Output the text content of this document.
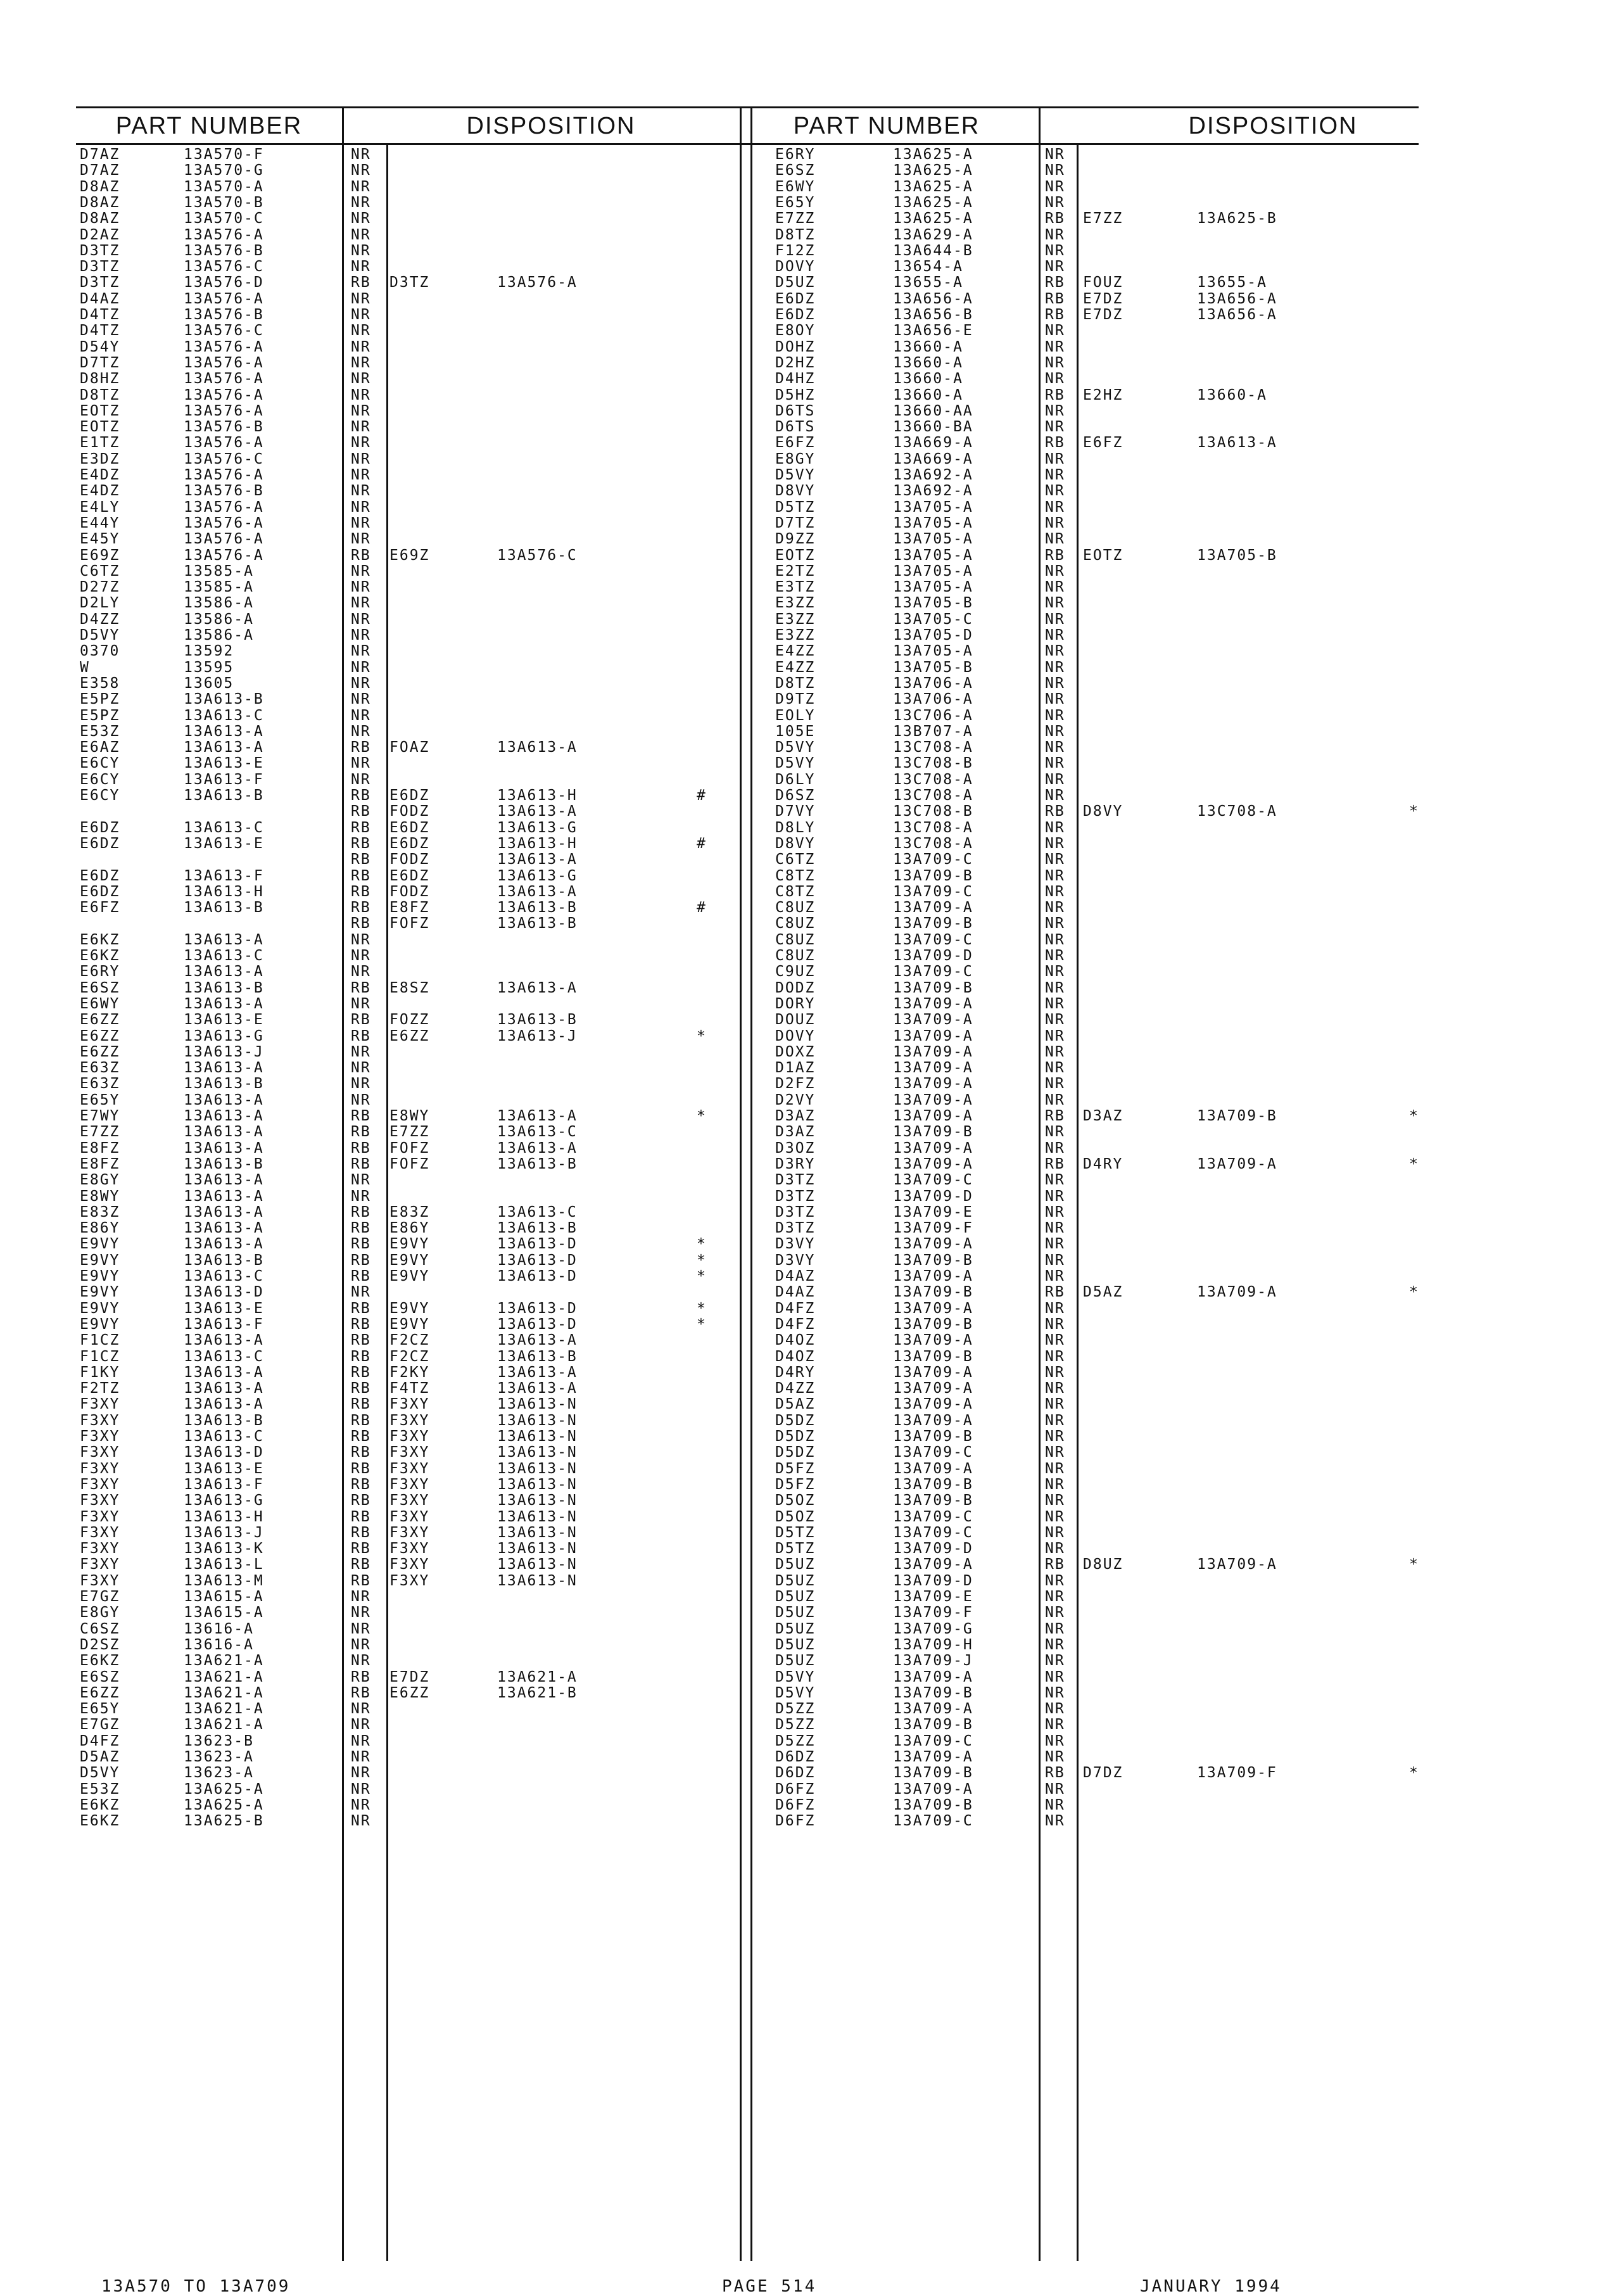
PART NUMBER	DISPOSITION	PART NUMBER	DISPOSITION
D7AZ	13A570-F	NR
D7AZ	13A570-G	NR
D8AZ	13A570-A	NR
D8AZ	13A570-B	NR
D8AZ	13A570-C	NR
D2AZ	13A576-A	NR
D3TZ	13A576-B	NR
D3TZ	13A576-C	NR
D3TZ	13A576-D	RB D3TZ	13A576-A
D4AZ	13A576-A	NR
D4TZ	13A576-B	NR
D4TZ	13A576-C	NR
D54Y	13A576-A	NR
D7TZ	13A576-A	NR
D8HZ	13A576-A	NR
D8TZ	13A576-A	NR
EOTZ	13A576-A	NR
EOTZ	13A576-B	NR
E1TZ	13A576-A	NR
E3DZ	13A576-C	NR
E4DZ	13A576-A	NR
E4DZ	13A576-B	NR
E4LY	13A576-A	NR
E44Y	13A576-A	NR
E45Y	13A576-A	NR
E69Z	13A576-A	RB E69Z	13A576-C
C6TZ	13585-A	NR
D27Z	13585-A	NR
D2LY	13586-A	NR
D4ZZ	13586-A	NR
D5VY	13586-A	NR
0370	13592	NR
W	13595	NR
E358	13605	NR
E5PZ	13A613-B	NR
E5PZ	13A613-C	NR
E53Z	13A613-A	NR
E6AZ	13A613-A	RB FOAZ	13A613-A
E6CY	13A613-E	NR
E6CY	13A613-F	NR
E6CY	13A613-B	RB E6DZ	13A613-H	#
RB FODZ	13A613-A
E6DZ	13A613-C	RB E6DZ	13A613-G
E6DZ	13A613-E	RB E6DZ	13A613-H	#
RB FODZ	13A613-A
E6DZ	13A613-F	RB E6DZ	13A613-G
E6DZ	13A613-H	RB FODZ	13A613-A
E6FZ	13A613-B	RB E8FZ	13A613-B	#
RB FOFZ	13A613-B
E6KZ	13A613-A	NR
E6KZ	13A613-C	NR
E6RY	13A613-A	NR
E6SZ	13A613-B	RB E8SZ	13A613-A
E6WY	13A613-A	NR
E6ZZ	13A613-E	RB FOZZ	13A613-B
E6ZZ	13A613-G	RB E6ZZ	13A613-J	*
E6ZZ	13A613-J	NR
E63Z	13A613-A	NR
E63Z	13A613-B	NR
E65Y	13A613-A	NR
E7WY	13A613-A	RB E8WY	13A613-A	*
E7ZZ	13A613-A	RB E7ZZ	13A613-C
E8FZ	13A613-A	RB FOFZ	13A613-A
E8FZ	13A613-B	RB FOFZ	13A613-B
E8GY	13A613-A	NR
E8WY	13A613-A	NR
E83Z	13A613-A	RB E83Z	13A613-C
E86Y	13A613-A	RB E86Y	13A613-B
E9VY	13A613-A	RB E9VY	13A613-D	*
E9VY	13A613-B	RB E9VY	13A613-D	*
E9VY	13A613-C	RB E9VY	13A613-D	*
E9VY	13A613-D	NR
E9VY	13A613-E	RB E9VY	13A613-D	*
E9VY	13A613-F	RB E9VY	13A613-D	*
F1CZ	13A613-A	RB F2CZ	13A613-A
F1CZ	13A613-C	RB F2CZ	13A613-B
F1KY	13A613-A	RB F2KY	13A613-A
F2TZ	13A613-A	RB F4TZ	13A613-A
F3XY	13A613-A	RB F3XY	13A613-N
F3XY	13A613-B	RB F3XY	13A613-N
F3XY	13A613-C	RB F3XY	13A613-N
F3XY	13A613-D	RB F3XY	13A613-N
F3XY	13A613-E	RB F3XY	13A613-N
F3XY	13A613-F	RB F3XY	13A613-N
F3XY	13A613-G	RB F3XY	13A613-N
F3XY	13A613-H	RB F3XY	13A613-N
F3XY	13A613-J	RB F3XY	13A613-N
F3XY	13A613-K	RB F3XY	13A613-N
F3XY	13A613-L	RB F3XY	13A613-N
F3XY	13A613-M	RB F3XY	13A613-N
E7GZ	13A615-A	NR
E8GY	13A615-A	NR
C6SZ	13616-A	NR
D2SZ	13616-A	NR
E6KZ	13A621-A	NR
E6SZ	13A621-A	RB E7DZ	13A621-A
E6ZZ	13A621-A	RB E6ZZ	13A621-B
E65Y	13A621-A	NR
E7GZ	13A621-A	NR
D4FZ	13623-B	NR
D5AZ	13623-A	NR
D5VY	13623-A	NR
E53Z	13A625-A	NR
E6KZ	13A625-A	NR
E6KZ	13A625-B	NR
E6RY	13A625-A	NR
E6SZ	13A625-A	NR
E6WY	13A625-A	NR
E65Y	13A625-A	NR
E7ZZ	13A625-A	RB E7ZZ	13A625-B
D8TZ	13A629-A	NR
F12Z	13A644-B	NR
DOVY	13654-A	NR
D5UZ	13655-A	RB FOUZ	13655-A
E6DZ	13A656-A	RB E7DZ	13A656-A
E6DZ	13A656-B	RB E7DZ	13A656-A
E8OY	13A656-E	NR
DOHZ	13660-A	NR
D2HZ	13660-A	NR
D4HZ	13660-A	NR
D5HZ	13660-A	RB E2HZ	13660-A
D6TS	13660-AA	NR
D6TS	13660-BA	NR
E6FZ	13A669-A	RB E6FZ	13A613-A
E8GY	13A669-A	NR
D5VY	13A692-A	NR
D8VY	13A692-A	NR
D5TZ	13A705-A	NR
D7TZ	13A705-A	NR
D9ZZ	13A705-A	NR
EOTZ	13A705-A	RB EOTZ	13A705-B
E2TZ	13A705-A	NR
E3TZ	13A705-A	NR
E3ZZ	13A705-B	NR
E3ZZ	13A705-C	NR
E3ZZ	13A705-D	NR
E4ZZ	13A705-A	NR
E4ZZ	13A705-B	NR
D8TZ	13A706-A	NR
D9TZ	13A706-A	NR
EOLY	13C706-A	NR
105E	13B707-A	NR
D5VY	13C708-A	NR
D5VY	13C708-B	NR
D6LY	13C708-A	NR
D6SZ	13C708-A	NR
D7VY	13C708-B	RB D8VY	13C708-A	*
D8LY	13C708-A	NR
D8VY	13C708-A	NR
C6TZ	13A709-C	NR
C8TZ	13A709-B	NR
C8TZ	13A709-C	NR
C8UZ	13A709-A	NR
C8UZ	13A709-B	NR
C8UZ	13A709-C	NR
C8UZ	13A709-D	NR
C9UZ	13A709-C	NR
DODZ	13A709-B	NR
DORY	13A709-A	NR
DOUZ	13A709-A	NR
DOVY	13A709-A	NR
DOXZ	13A709-A	NR
D1AZ	13A709-A	NR
D2FZ	13A709-A	NR
D2VY	13A709-A	NR
D3AZ	13A709-A	RB D3AZ	13A709-B	*
D3AZ	13A709-B	NR
D3OZ	13A709-A	NR
D3RY	13A709-A	RB D4RY	13A709-A	*
D3TZ	13A709-C	NR
D3TZ	13A709-D	NR
D3TZ	13A709-E	NR
D3TZ	13A709-F	NR
D3VY	13A709-A	NR
D3VY	13A709-B	NR
D4AZ	13A709-A	NR
D4AZ	13A709-B	RB D5AZ	13A709-A	*
D4FZ	13A709-A	NR
D4FZ	13A709-B	NR
D4OZ	13A709-A	NR
D4OZ	13A709-B	NR
D4RY	13A709-A	NR
D4ZZ	13A709-A	NR
D5AZ	13A709-A	NR
D5DZ	13A709-A	NR
D5DZ	13A709-B	NR
D5DZ	13A709-C	NR
D5FZ	13A709-A	NR
D5FZ	13A709-B	NR
D5OZ	13A709-B	NR
D5OZ	13A709-C	NR
D5TZ	13A709-C	NR
D5TZ	13A709-D	NR
D5UZ	13A709-A	RB D8UZ	13A709-A	*
D5UZ	13A709-D	NR
D5UZ	13A709-E	NR
D5UZ	13A709-F	NR
D5UZ	13A709-G	NR
D5UZ	13A709-H	NR
D5UZ	13A709-J	NR
D5VY	13A709-A	NR
D5VY	13A709-B	NR
D5ZZ	13A709-A	NR
D5ZZ	13A709-B	NR
D5ZZ	13A709-C	NR
D6DZ	13A709-A	NR
D6DZ	13A709-B	RB D7DZ	13A709-F	*
D6FZ	13A709-A	NR
D6FZ	13A709-B	NR
D6FZ	13A709-C	NR
13A570 TO 13A709	PAGE 514	JANUARY 1994
